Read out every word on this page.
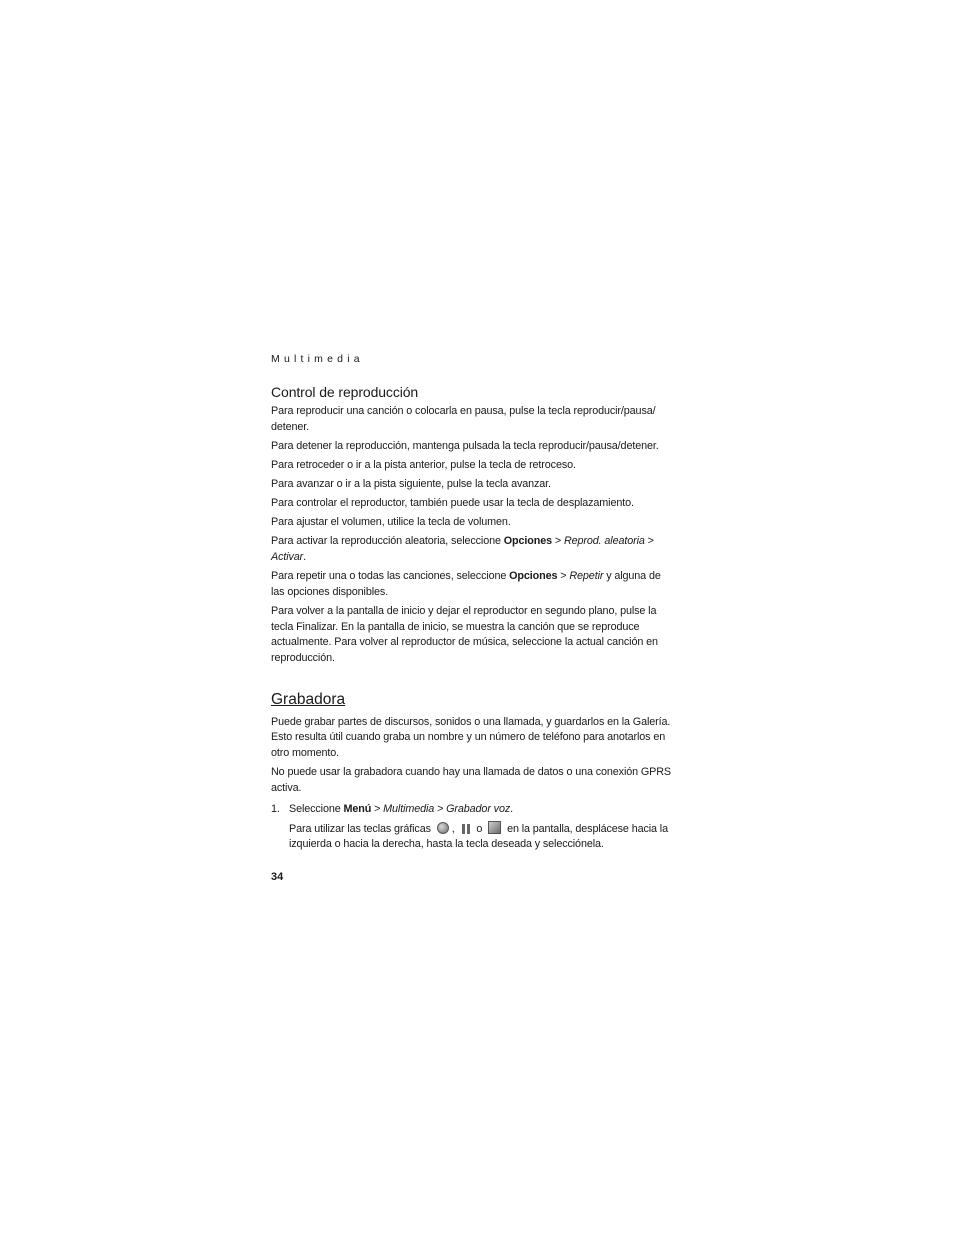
Multimedia
Control de reproducción

Para reproducir una canción o colocarla en pausa, pulse la tecla reproducir/pausa/ detener.

Para detener la reproducción, mantenga pulsada la tecla reproducir/pausa/detener.

Para retroceder o ir a la pista anterior, pulse la tecla de retroceso.

Para avanzar o ir a la pista siguiente, pulse la tecla avanzar.

Para controlar el reproductor, también puede usar la tecla de desplazamiento.

Para ajustar el volumen, utilice la tecla de volumen.

Para activar la reproducción aleatoria, seleccione Opciones > Reprod. aleatoria > Activar.

Para repetir una o todas las canciones, seleccione Opciones > Repetir y alguna de las opciones disponibles.

Para volver a la pantalla de inicio y dejar el reproductor en segundo plano, pulse la tecla Finalizar. En la pantalla de inicio, se muestra la canción que se reproduce actualmente. Para volver al reproductor de música, seleccione la actual canción en reproducción.

Grabadora

Puede grabar partes de discursos, sonidos o una llamada, y guardarlos en la Galería. Esto resulta útil cuando graba un nombre y un número de teléfono para anotarlos en otro momento.

No puede usar la grabadora cuando hay una llamada de datos o una conexión GPRS activa.

1. Seleccione Menú > Multimedia > Grabador voz.

Para utilizar las teclas gráficas , o  en la pantalla, desplácese hacia la izquierda o hacia la derecha, hasta la tecla deseada y selecciónela.

34
